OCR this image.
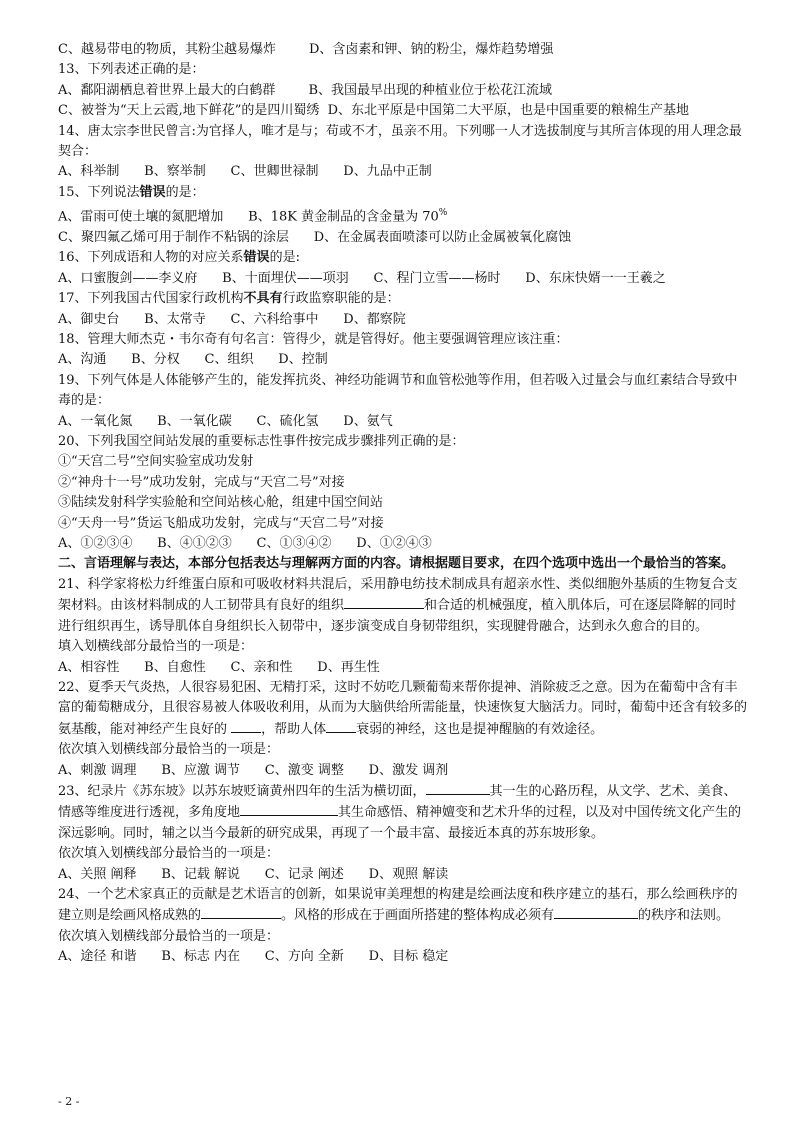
C、越易带电的物质，其粉尘越易爆炸        D、含卤素和钾、钠的粉尘，爆炸趋势增强
13、下列表述正确的是：
A、鄱阳湖栖息着世界上最大的白鹤群        B、我国最早出现的种植业位于松花江流域
C、被誉为“天上云霞,地下鲜花”的是四川蜀绣  D、东北平原是中国第二大平原，也是中国重要的粮棉生产基地
14、唐太宗李世民曾言:为官择人，唯才是与；苟或不才，虽亲不用。下列哪一人才选拔制度与其所言体现的用人理念最契合：
A、科举制      B、察举制      C、世卿世禄制      D、九品中正制
15、下列说法错误的是：
A、雷雨可使土壤的氮肥增加      B、18K 黄金制品的含金量为 70%
C、聚四氟乙烯可用于制作不粘锅的涂层      D、在金属表面喷漆可以防止金属被氧化腐蚀
16、下列成语和人物的对应关系错误的是:
A、口蜜腹剑——李义府      B、十面埋伏——项羽      C、程门立雪——杨时      D、东床快婿一一王羲之
17、下列我国古代国家行政机构不具有行政监察职能的是：
A、御史台      B、太常寺      C、六科给事中      D、都察院
18、管理大师杰克・韦尔奇有句名言：管得少，就是管得好。他主要强调管理应该注重：
A、沟通      B、分权      C、组织      D、控制
19、下列气体是人体能够产生的，能发挥抗炎、神经功能调节和血管松弛等作用，但若吸入过量会与血红素结合导致中毒的是：
A、一氧化氮      B、一氧化碳      C、硫化氢      D、氨气
20、下列我国空间站发展的重要标志性事件按完成步骤排列正确的是：
①“天宫二号”空间实验室成功发射
②“神舟十一号”成功发射，完成与“天宫二号”对接
③陆续发射科学实验舱和空间站核心舱，组建中国空间站
④“天舟一号”货运飞船成功发射，完成与“天宫二号”对接
A、①②③④      B、④①②③      C、①③④②      D、①②④③
二、言语理解与表达，本部分包括表达与理解两方面的内容。请根据题目要求，在四个选项中选出一个最恰当的答案。
21、科学家将松力纤维蛋白原和可吸收材料共混后，采用静电纺技术制成具有超亲水性、类似细胞外基质的生物复合支架材料。由该材料制成的人工韧带具有良好的组织	和合适的机械强度，植入肌体后，可在逐层降解的同时进行组织再生，诱导肌体自身组织长入韧带中，逐步演变成自身韧带组织，实现腱骨融合，达到永久愈合的目的。
填入划横线部分最恰当的一项是：
A、相容性      B、自愈性      C、亲和性      D、再生性
22、夏季天气炎热，人很容易犯困、无精打采，这时不妨吃几颗葡萄来帮你提神、消除疲乏之意。因为在葡萄中含有丰富的葡萄糖成分，且很容易被人体吸收利用，从而为大脑供给所需能量，快速恢复大脑活力。同时，葡萄中还含有较多的氨基酸，能对神经产生良好的 ，帮助人体 衰弱的神经，这也是提神醒脑的有效途径。
依次填入划横线部分最恰当的一项是：
A、刺激 调理      B、应激 调节      C、激变 调整      D、激发 调剂
23、纪录片《苏东坡》以苏东坡贬谪黄州四年的生活为横切面，	其一生的心路历程，从文学、艺术、美食、情感等维度进行透视，多角度地	其生命感悟、精神嬗变和艺术升华的过程，以及对中国传统文化产生的深远影响。同时，辅之以当今最新的研究成果，再现了一个最丰富、最接近本真的苏东坡形象。
依次填入划横线部分最恰当的一项是：
A、关照 阐释      B、记载 解说      C、记录 阐述      D、观照 解读
24、一个艺术家真正的贡献是艺术语言的创新，如果说审美理想的构建是绘画法度和秩序建立的基石，那么绘画秩序的建立则是绘画风格成熟的	。风格的形成在于画面所搭建的整体构成必须有	的秩序和法则。
依次填入划横线部分最恰当的一项是：
A、途径 和谐      B、标志 内在      C、方向 全新      D、目标 稳定
- 2 -
